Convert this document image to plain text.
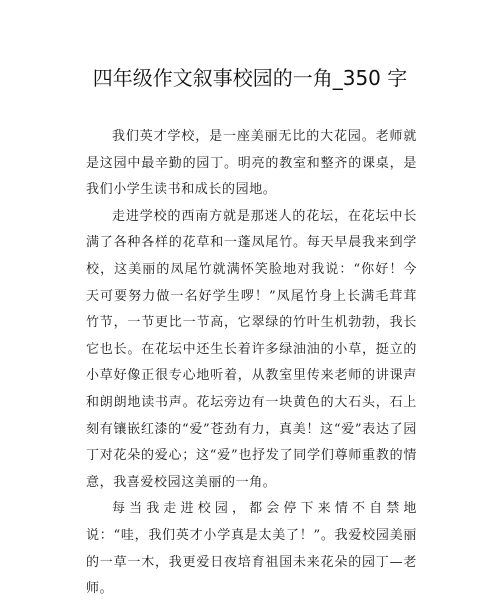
四年级作文叙事校园的一角_350 字

我们英才学校，是一座美丽无比的大花园。老师就是这园中最辛勤的园丁。明亮的教室和整齐的课桌，是我们小学生读书和成长的园地。

走进学校的西南方就是那迷人的花坛，在花坛中长满了各种各样的花草和一蓬凤尾竹。每天早晨我来到学校，这美丽的凤尾竹就满怀笑脸地对我说：“你好！今天可要努力做一名好学生啰！”凤尾竹身上长满毛茸茸竹节，一节更比一节高，它翠绿的竹叶生机勃勃，我长它也长。在花坛中还生长着许多绿油油的小草，挺立的小草好像正很专心地听着，从教室里传来老师的讲课声和朗朗地读书声。花坛旁边有一块黄色的大石头，石上刻有镶嵌红漆的“爱”苍劲有力，真美！这“爱”表达了园丁对花朵的爱心；这“爱”也抒发了同学们尊师重教的情意，我喜爱校园这美丽的一角。

每当我走进校园，都会停下来情不自禁地说：“哇，我们英才小学真是太美了！”。我爱校园美丽的一草一木，我更爱日夜培育祖国未来花朵的园丁—老师。
